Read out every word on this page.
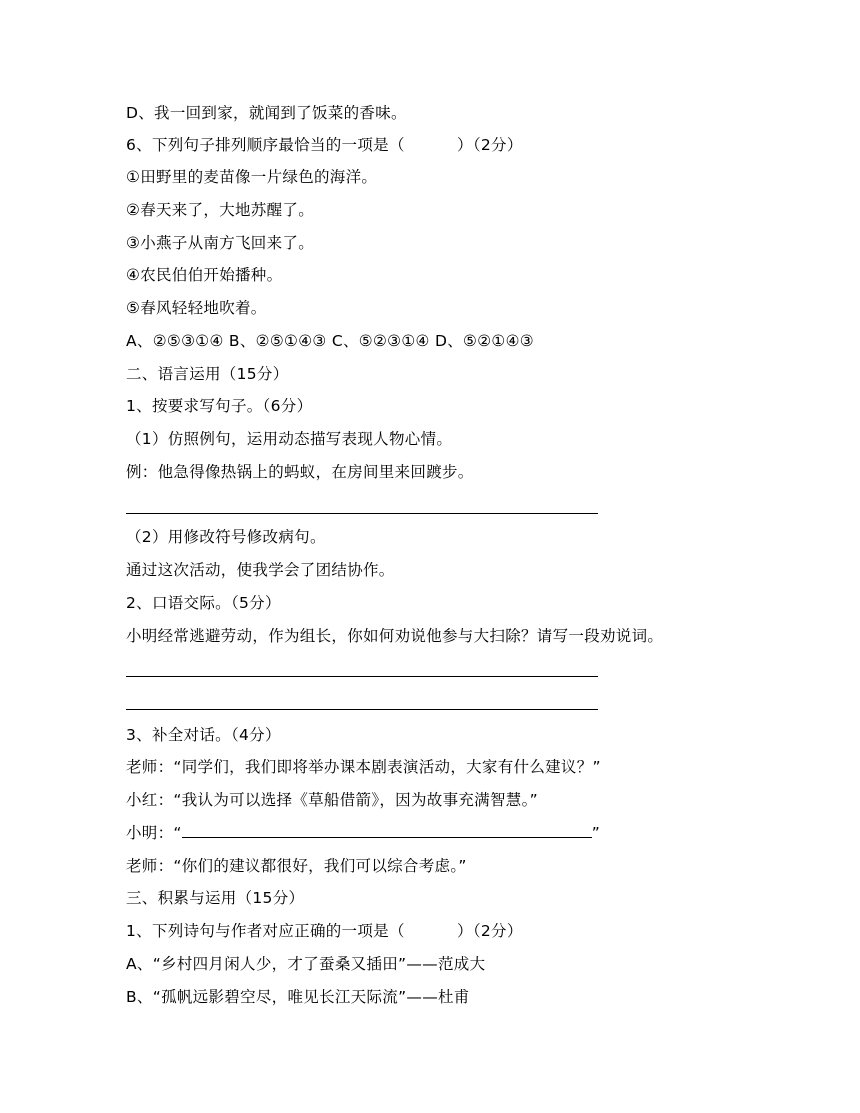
D、我一回到家，就闻到了饭菜的香味。
6、下列句子排列顺序最恰当的一项是（          ）（2分）
①田野里的麦苗像一片绿色的海洋。
②春天来了，大地苏醒了。
③小燕子从南方飞回来了。
④农民伯伯开始播种。
⑤春风轻轻地吹着。
A、②⑤③①④ B、②⑤①④③ C、⑤②③①④ D、⑤②①④③
二、语言运用（15分）
1、按要求写句子。（6分）
（1）仿照例句，运用动态描写表现人物心情。
例：他急得像热锅上的蚂蚁，在房间里来回踱步。
（2）用修改符号修改病句。
通过这次活动，使我学会了团结协作。
2、口语交际。（5分）
小明经常逃避劳动，作为组长，你如何劝说他参与大扫除？请写一段劝说词。
3、补全对话。（4分）
老师：“同学们，我们即将举办课本剧表演活动，大家有什么建议？”
小红：“我认为可以选择《草船借箭》，因为故事充满智慧。”
小明：“	”
老师：“你们的建议都很好，我们可以综合考虑。”
三、积累与运用（15分）
1、下列诗句与作者对应正确的一项是（          ）（2分）
A、“乡村四月闲人少，才了蚕桑又插田”——范成大
B、“孤帆远影碧空尽，唯见长江天际流”——杜甫
